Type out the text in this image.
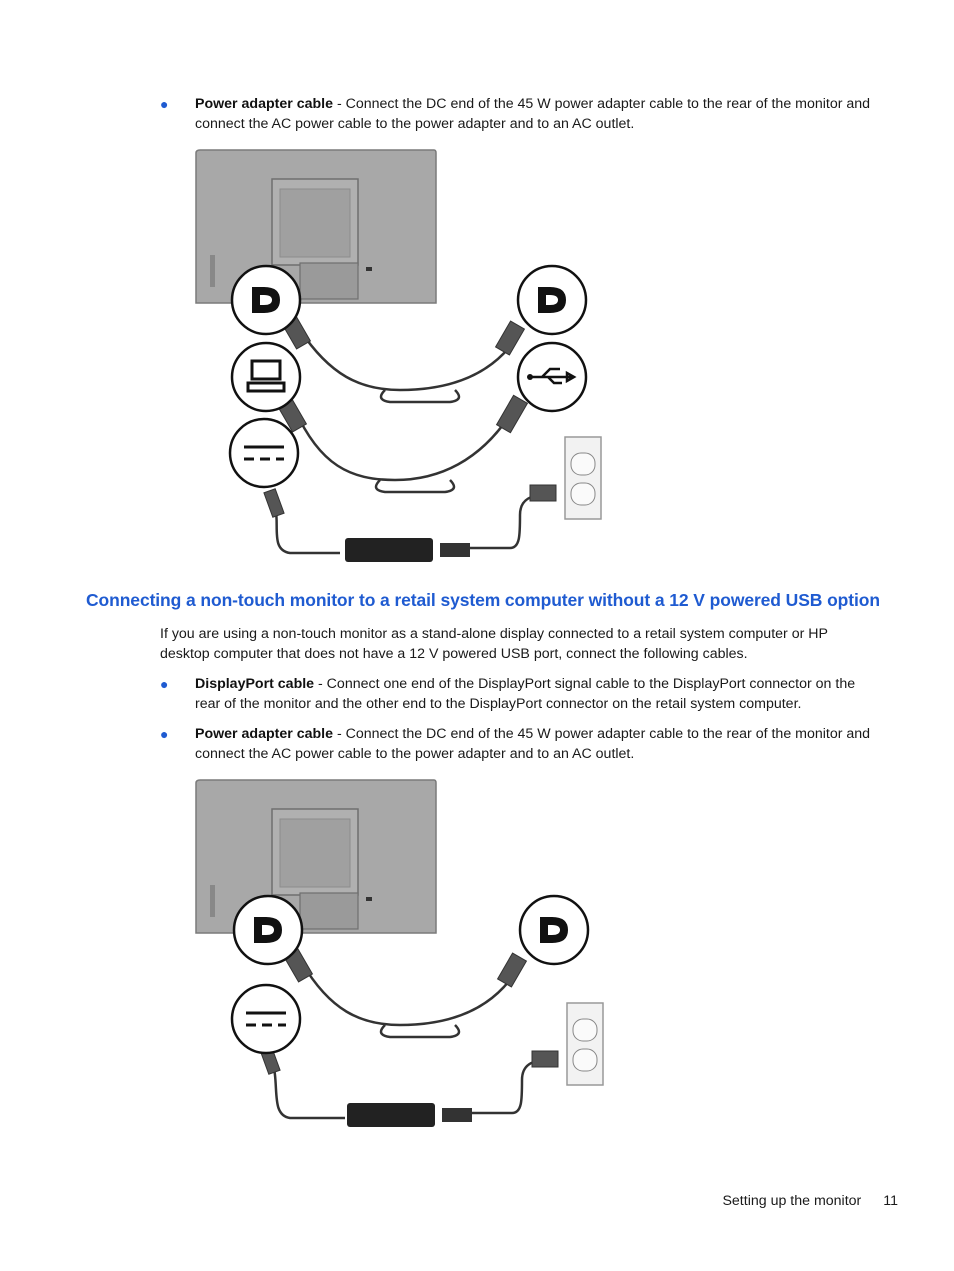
● Power adapter cable - Connect the DC end of the 45 W power adapter cable to the rear of the monitor and connect the AC power cable to the power adapter and to an AC outlet.
Connecting a non-touch monitor to a retail system computer without a 12 V powered USB option
If you are using a non-touch monitor as a stand-alone display connected to a retail system computer or HP desktop computer that does not have a 12 V powered USB port, connect the following cables.
● DisplayPort cable - Connect one end of the DisplayPort signal cable to the DisplayPort connector on the rear of the monitor and the other end to the DisplayPort connector on the retail system computer.
● Power adapter cable - Connect the DC end of the 45 W power adapter cable to the rear of the monitor and connect the AC power cable to the power adapter and to an AC outlet.
Setting up the monitor 11
